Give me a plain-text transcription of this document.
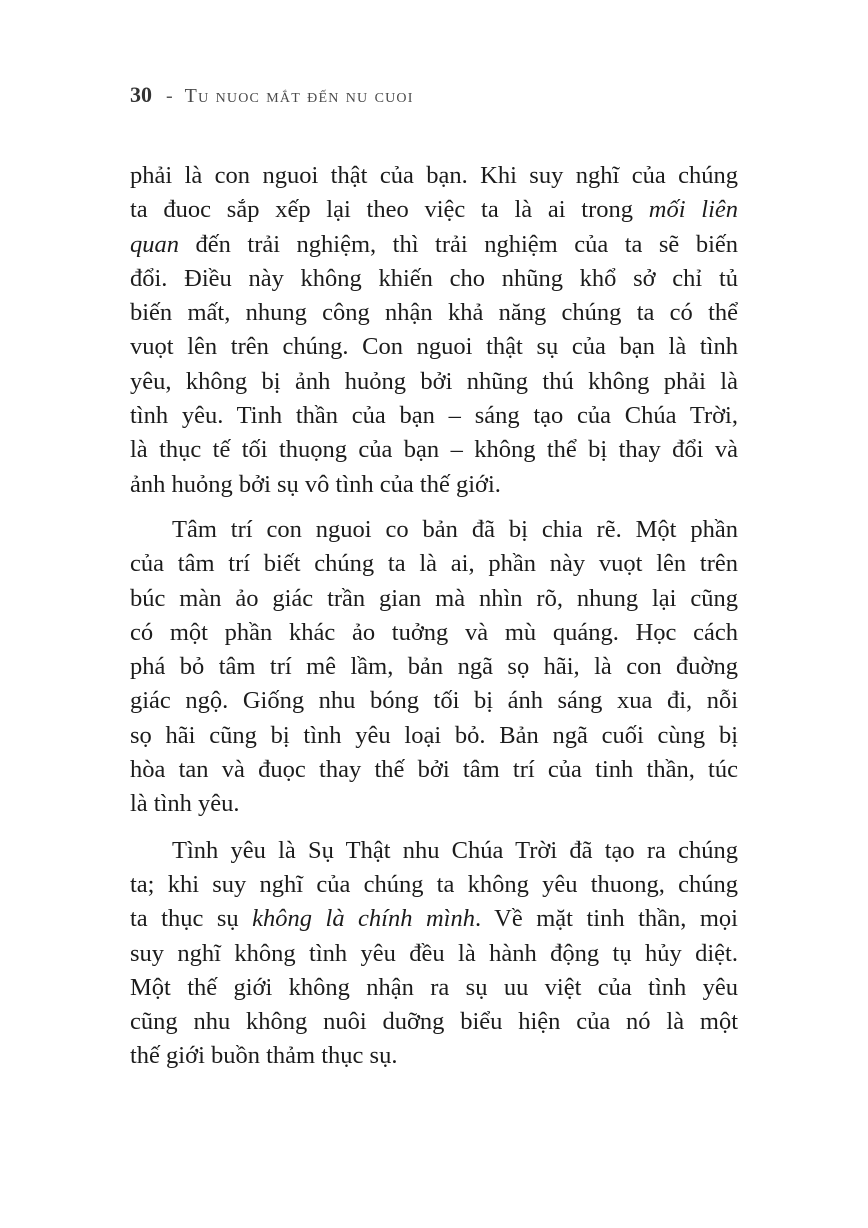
30 - Tu nuoc mắt đến nu cuoi
phải là con nguoi thật của bạn. Khi suy nghĩ của chúng
ta đuoc sắp xếp lại theo việc ta là ai trong mối liên
quan đến trải nghiệm, thì trải nghiệm của ta sẽ biến
đổi. Điều này không khiến cho nhũng khổ sở chỉ tủ
biến mất, nhung công nhận khả năng chúng ta có thể
vuọt lên trên chúng. Con nguoi thật sụ của bạn là tình
yêu, không bị ảnh huỏng bởi nhũng thú không phải là
tình yêu. Tinh thần của bạn – sáng tạo của Chúa Trời,
là thục tế tối thuọng của bạn – không thể bị thay đổi và
ảnh huỏng bởi sụ vô tình của thế giới.
Tâm trí con nguoi co bản đã bị chia rẽ. Một phần
của tâm trí biết chúng ta là ai, phần này vuọt lên trên
búc màn ảo giác trần gian mà nhìn rõ, nhung lại cũng
có một phần khác ảo tuởng và mù quáng. Học cách
phá bỏ tâm trí mê lầm, bản ngã sọ hãi, là con đuờng
giác ngộ. Giống nhu bóng tối bị ánh sáng xua đi, nỗi
sọ hãi cũng bị tình yêu loại bỏ. Bản ngã cuối cùng bị
hòa tan và đuọc thay thế bởi tâm trí của tinh thần, túc
là tình yêu.
Tình yêu là Sụ Thật nhu Chúa Trời đã tạo ra chúng
ta; khi suy nghĩ của chúng ta không yêu thuong, chúng
ta thục sụ không là chính mình. Về mặt tinh thần, mọi
suy nghĩ không tình yêu đều là hành động tụ hủy diệt.
Một thế giới không nhận ra sụ uu việt của tình yêu
cũng nhu không nuôi duỡng biểu hiện của nó là một
thế giới buồn thảm thục sụ.
